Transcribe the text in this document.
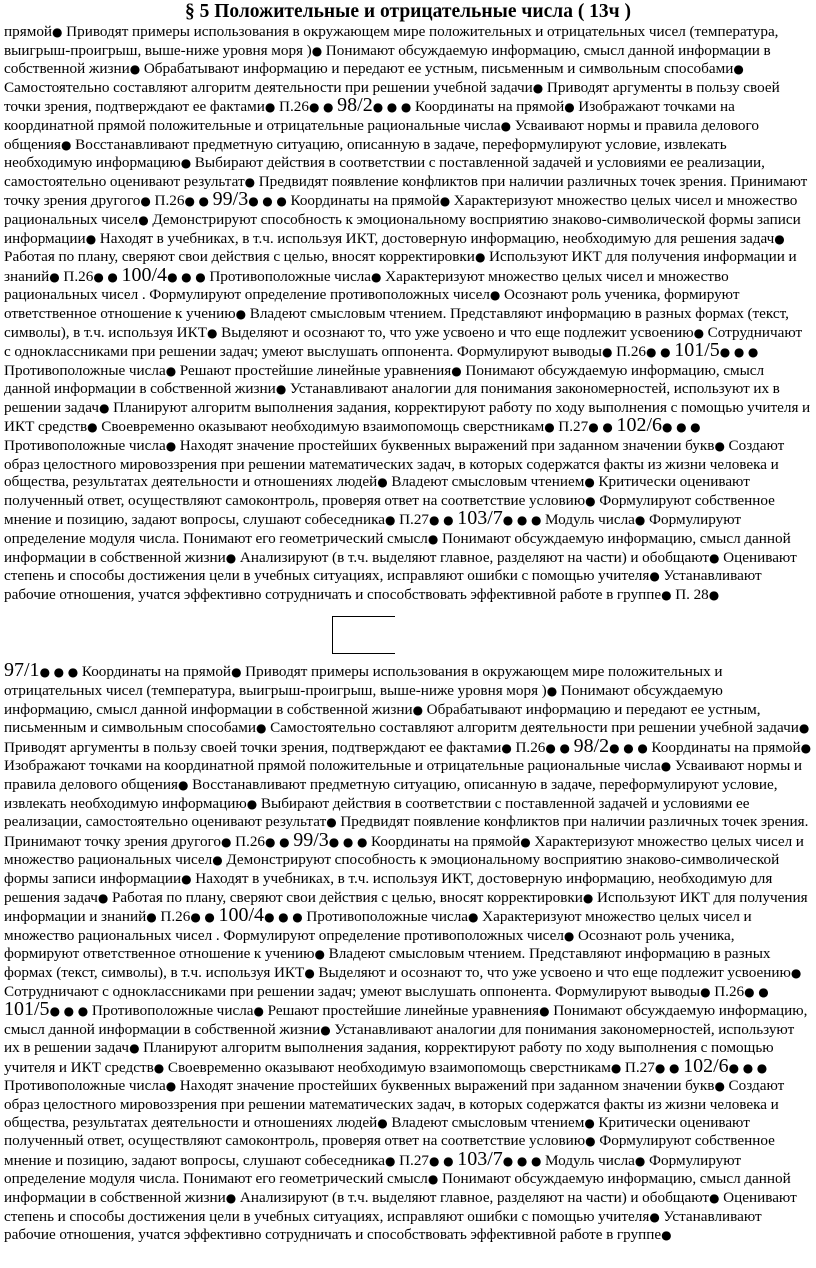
§ 5 Положительные и отрицательные числа ( 13ч )
прямой● Приводят примеры использования в окружающем мире положительных и отрицательных чисел (температура, выигрыш-проигрыш, выше-ниже уровня моря )● Понимают обсуждаемую информацию, смысл данной информации в собственной жизни● Обрабатывают информацию и передают ее устным, письменным и символьным способами● Самостоятельно составляют алгоритм деятельности при решении учебной задачи● Приводят аргументы в пользу своей точки зрения, подтверждают ее фактами● П.26● ● 98/2● ● ● Координаты на прямой● Изображают точками на координатной прямой положительные и отрицательные рациональные числа● Усваивают нормы и правила делового общения● Восстанавливают предметную ситуацию, описанную в задаче, переформулируют условие, извлекать необходимую информацию● Выбирают действия в соответствии с поставленной задачей и условиями ее реализации, самостоятельно оценивают результат● Предвидят появление конфликтов при наличии различных точек зрения. Принимают точку зрения другого● П.26● ● 99/3● ● ● Координаты на прямой● Характеризуют множество целых чисел и множество рациональных чисел● Демонстрируют способность к эмоциональному восприятию знаково-символической формы записи информации● Находят в учебниках, в т.ч. используя ИКТ, достоверную информацию, необходимую для решения задач● Работая по плану, сверяют свои действия с целью, вносят корректировки● Используют ИКТ для получения информации и знаний● П.26● ● 100/4● ● ● Противоположные числа● Характеризуют множество целых чисел и множество рациональных чисел . Формулируют определение противоположных чисел● Осознают роль ученика, формируют ответственное отношение к учению● Владеют смысловым чтением. Представляют информацию в разных формах (текст, символы), в т.ч. используя ИКТ● Выделяют и осознают то, что уже усвоено и что еще подлежит усвоению● Сотрудничают с одноклассниками при решении задач; умеют выслушать оппонента. Формулируют выводы● П.26● ● 101/5● ● ● Противоположные числа● Решают простейшие линейные уравнения● Понимают обсуждаемую информацию, смысл данной информации в собственной жизни● Устанавливают аналогии для понимания закономерностей, используют их в решении задач● Планируют алгоритм выполнения задания, корректируют работу по ходу выполнения с помощью учителя и ИКТ средств● Своевременно оказывают необходимую взаимопомощь сверстникам● П.27● ● 102/6● ● ● Противоположные числа● Находят значение простейших буквенных выражений при заданном значении букв● Создают образ целостного мировоззрения при решении математических задач, в которых содержатся факты из жизни человека и общества, результатах деятельности и отношениях людей● Владеют смысловым чтением● Критически оценивают полученный ответ, осуществляют самоконтроль, проверяя ответ на соответствие условию● Формулируют собственное мнение и позицию, задают вопросы, слушают собеседника● П.27● ● 103/7● ● ● Модуль числа● Формулируют определение модуля числа. Понимают его геометрический смысл● Понимают обсуждаемую информацию, смысл данной информации в собственной жизни● Анализируют (в т.ч. выделяют главное, разделяют на части) и обобщают● Оценивают степень и способы достижения цели в учебных ситуациях, исправляют ошибки с помощью учителя● Устанавливают рабочие отношения, учатся эффективно сотрудничать и способствовать эффективной работе в группе● П. 28●
97/1● ● ● Координаты на прямой● Приводят примеры использования в окружающем мире положительных и отрицательных чисел (температура, выигрыш-проигрыш, выше-ниже уровня моря )● Понимают обсуждаемую информацию, смысл данной информации в собственной жизни● Обрабатывают информацию и передают ее устным, письменным и символьным способами● Самостоятельно составляют алгоритм деятельности при решении учебной задачи● Приводят аргументы в пользу своей точки зрения, подтверждают ее фактами● П.26● ● 98/2● ● ● Координаты на прямой● Изображают точками на координатной прямой положительные и отрицательные рациональные числа● Усваивают нормы и правила делового общения● Восстанавливают предметную ситуацию, описанную в задаче, переформулируют условие, извлекать необходимую информацию● Выбирают действия в соответствии с поставленной задачей и условиями ее реализации, самостоятельно оценивают результат● Предвидят появление конфликтов при наличии различных точек зрения. Принимают точку зрения другого● П.26● ● 99/3● ● ● Координаты на прямой● Характеризуют множество целых чисел и множество рациональных чисел● Демонстрируют способность к эмоциональному восприятию знаково-символической формы записи информации● Находят в учебниках, в т.ч. используя ИКТ, достоверную информацию, необходимую для решения задач● Работая по плану, сверяют свои действия с целью, вносят корректировки● Используют ИКТ для получения информации и знаний● П.26● ● 100/4● ● ● Противоположные числа● Характеризуют множество целых чисел и множество рациональных чисел . Формулируют определение противоположных чисел● Осознают роль ученика, формируют ответственное отношение к учению● Владеют смысловым чтением. Представляют информацию в разных формах (текст, символы), в т.ч. используя ИКТ● Выделяют и осознают то, что уже усвоено и что еще подлежит усвоению● Сотрудничают с одноклассниками при решении задач; умеют выслушать оппонента. Формулируют выводы● П.26● ● 101/5● ● ● Противоположные числа● Решают простейшие линейные уравнения● Понимают обсуждаемую информацию, смысл данной информации в собственной жизни● Устанавливают аналогии для понимания закономерностей, используют их в решении задач● Планируют алгоритм выполнения задания, корректируют работу по ходу выполнения с помощью учителя и ИКТ средств● Своевременно оказывают необходимую взаимопомощь сверстникам● П.27● ● 102/6● ● ● Противоположные числа● Находят значение простейших буквенных выражений при заданном значении букв● Создают образ целостного мировоззрения при решении математических задач, в которых содержатся факты из жизни человека и общества, результатах деятельности и отношениях людей● Владеют смысловым чтением● Критически оценивают полученный ответ, осуществляют самоконтроль, проверяя ответ на соответствие условию● Формулируют собственное мнение и позицию, задают вопросы, слушают собеседника● П.27● ● 103/7● ● ● Модуль числа● Формулируют определение модуля числа. Понимают его геометрический смысл● Понимают обсуждаемую информацию, смысл данной информации в собственной жизни● Анализируют (в т.ч. выделяют главное, разделяют на части) и обобщают● Оценивают степень и способы достижения цели в учебных ситуациях, исправляют ошибки с помощью учителя● Устанавливают рабочие отношения, учатся эффективно сотрудничать и способствовать эффективной работе в группе●
